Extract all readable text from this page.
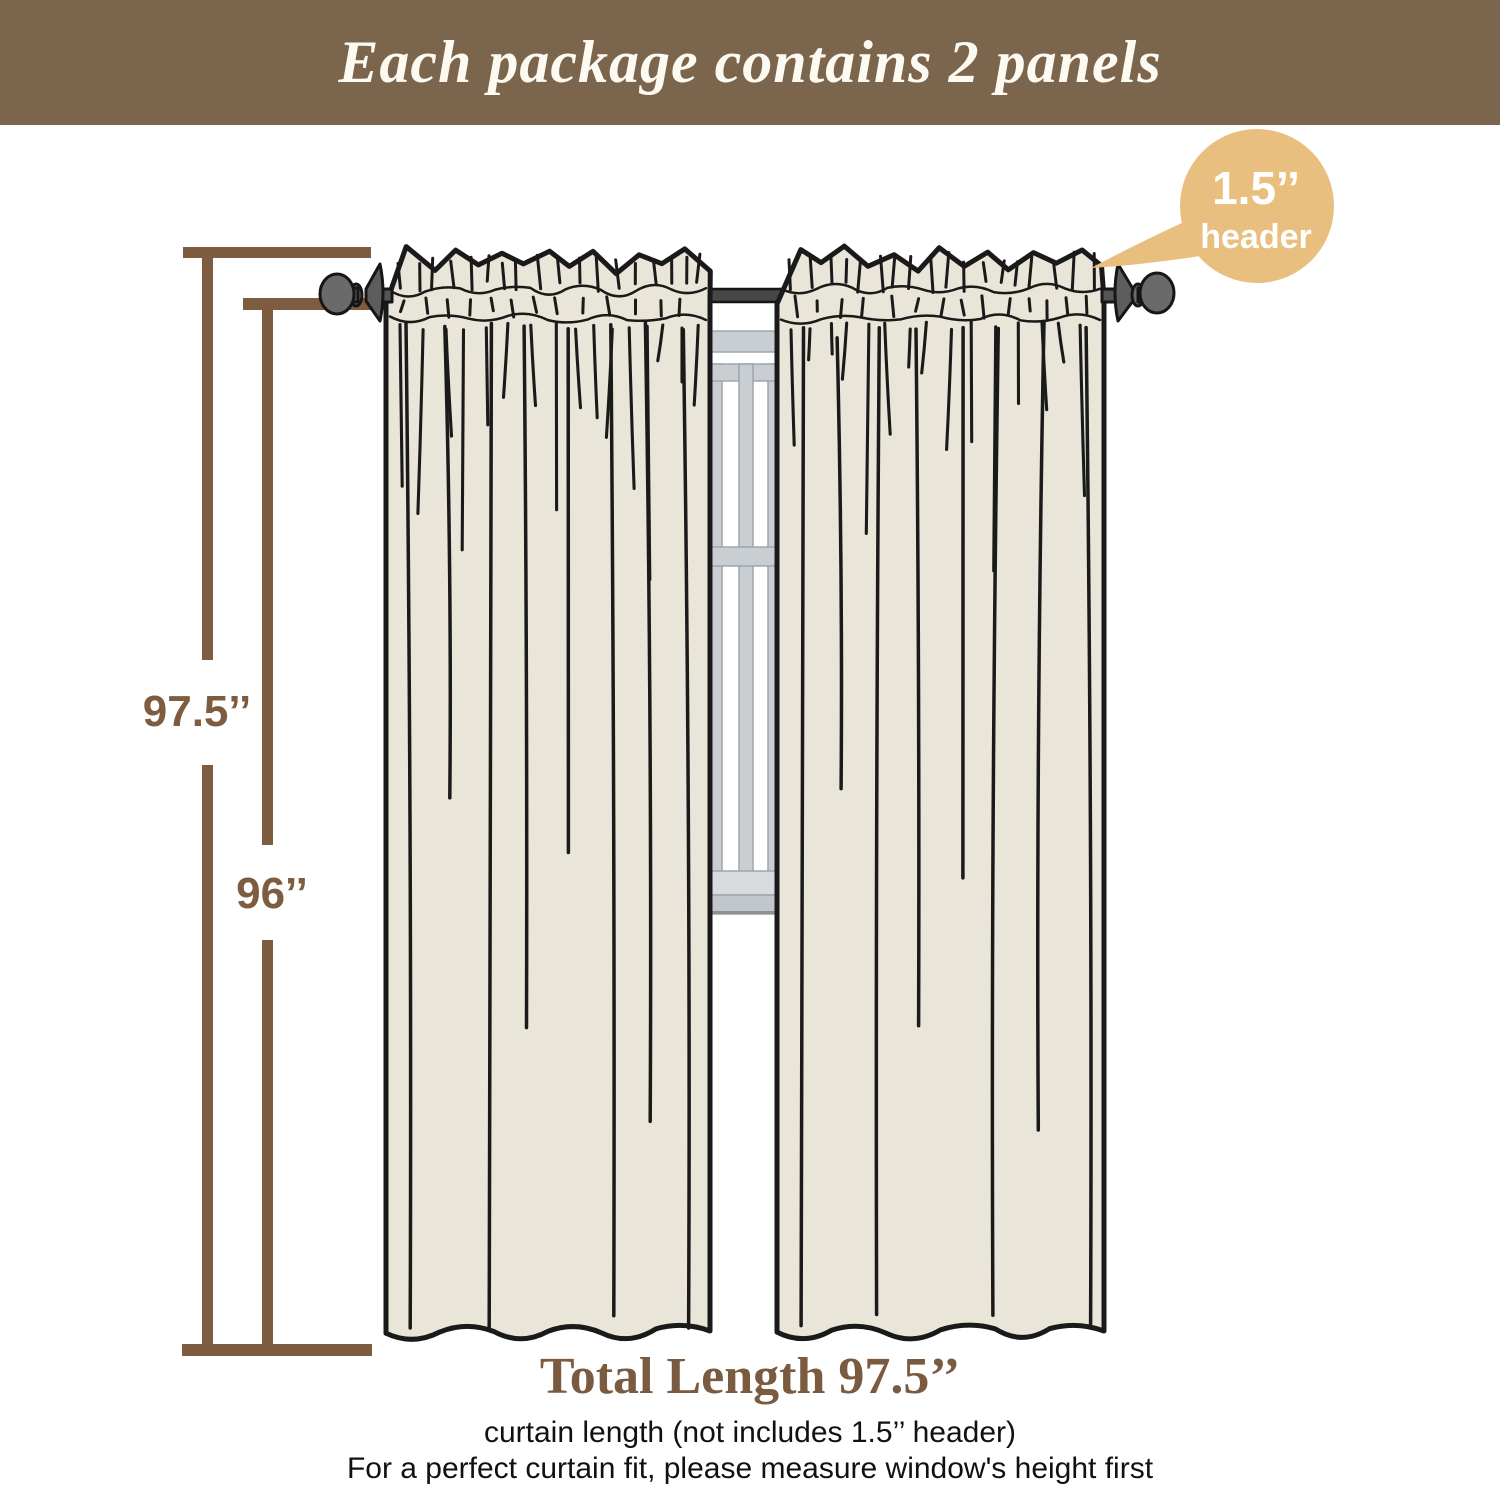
Each package contains 2 panels
97.5’’
96’’
1.5’’
header
Total Length 97.5’’
curtain length (not includes 1.5’’ header)
For a perfect curtain fit, please measure window's height first
